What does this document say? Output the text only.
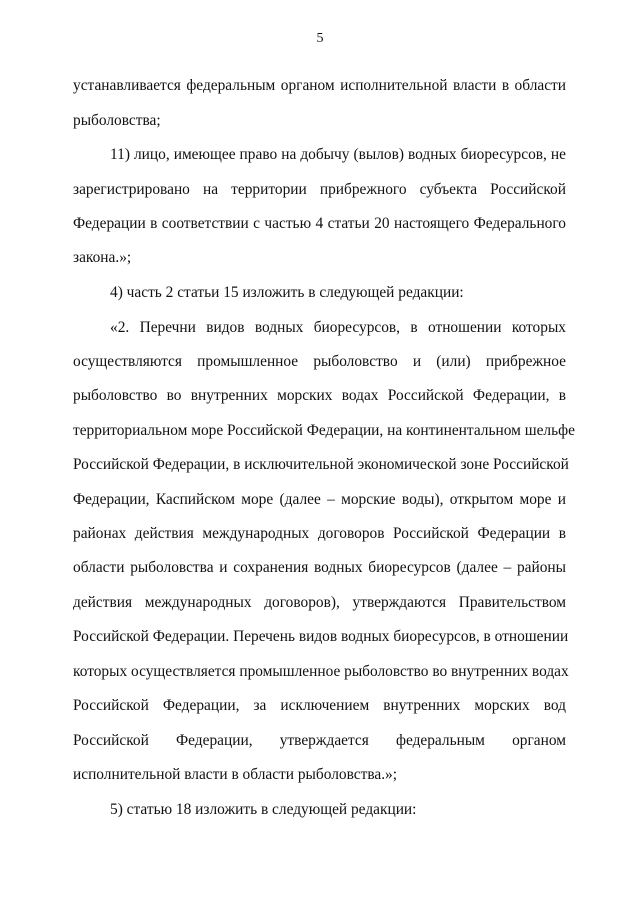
5
устанавливается федеральным органом исполнительной власти в области
рыболовства;
11) лицо, имеющее право на добычу (вылов) водных биоресурсов, не
зарегистрировано на территории прибрежного субъекта Российской
Федерации в соответствии с частью 4 статьи 20 настоящего Федерального
закона.»;
4) часть 2 статьи 15 изложить в следующей редакции:
«2. Перечни видов водных биоресурсов, в отношении которых
осуществляются промышленное рыболовство и (или) прибрежное
рыболовство во внутренних морских водах Российской Федерации, в
территориальном море Российской Федерации, на континентальном шельфе
Российской Федерации, в исключительной экономической зоне Российской
Федерации, Каспийском море (далее – морские воды), открытом море и
районах действия международных договоров Российской Федерации в
области рыболовства и сохранения водных биоресурсов (далее – районы
действия международных договоров), утверждаются Правительством
Российской Федерации. Перечень видов водных биоресурсов, в отношении
которых осуществляется промышленное рыболовство во внутренних водах
Российской Федерации, за исключением внутренних морских вод
Российской Федерации, утверждается федеральным органом
исполнительной власти в области рыболовства.»;
5) статью 18 изложить в следующей редакции:
